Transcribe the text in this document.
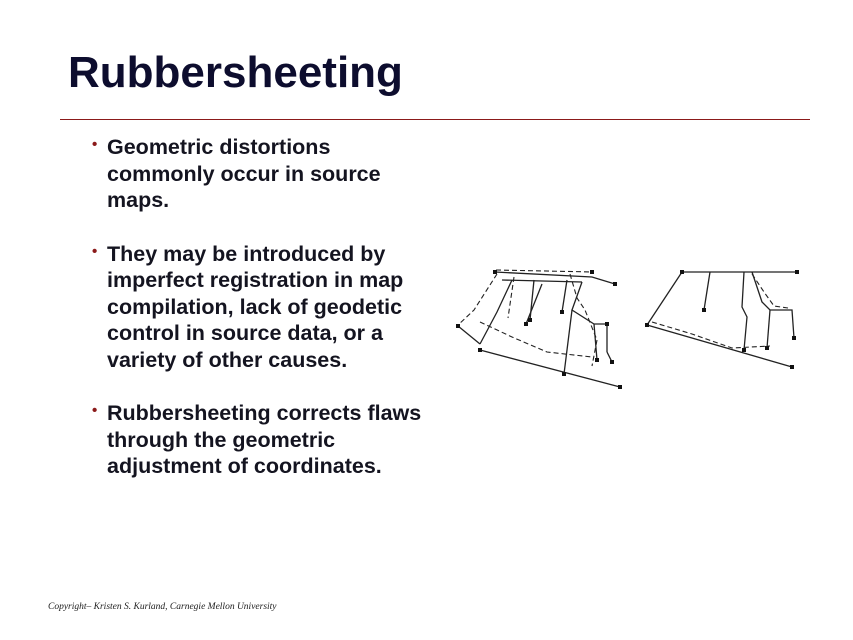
Rubbersheeting
• Geometric distortions commonly occur in source maps.
• They may be introduced by imperfect registration in map compilation, lack of geodetic control in source data, or a variety of other causes.
• Rubbersheeting corrects flaws through the geometric adjustment of coordinates.
Copyright– Kristen S. Kurland, Carnegie Mellon University
